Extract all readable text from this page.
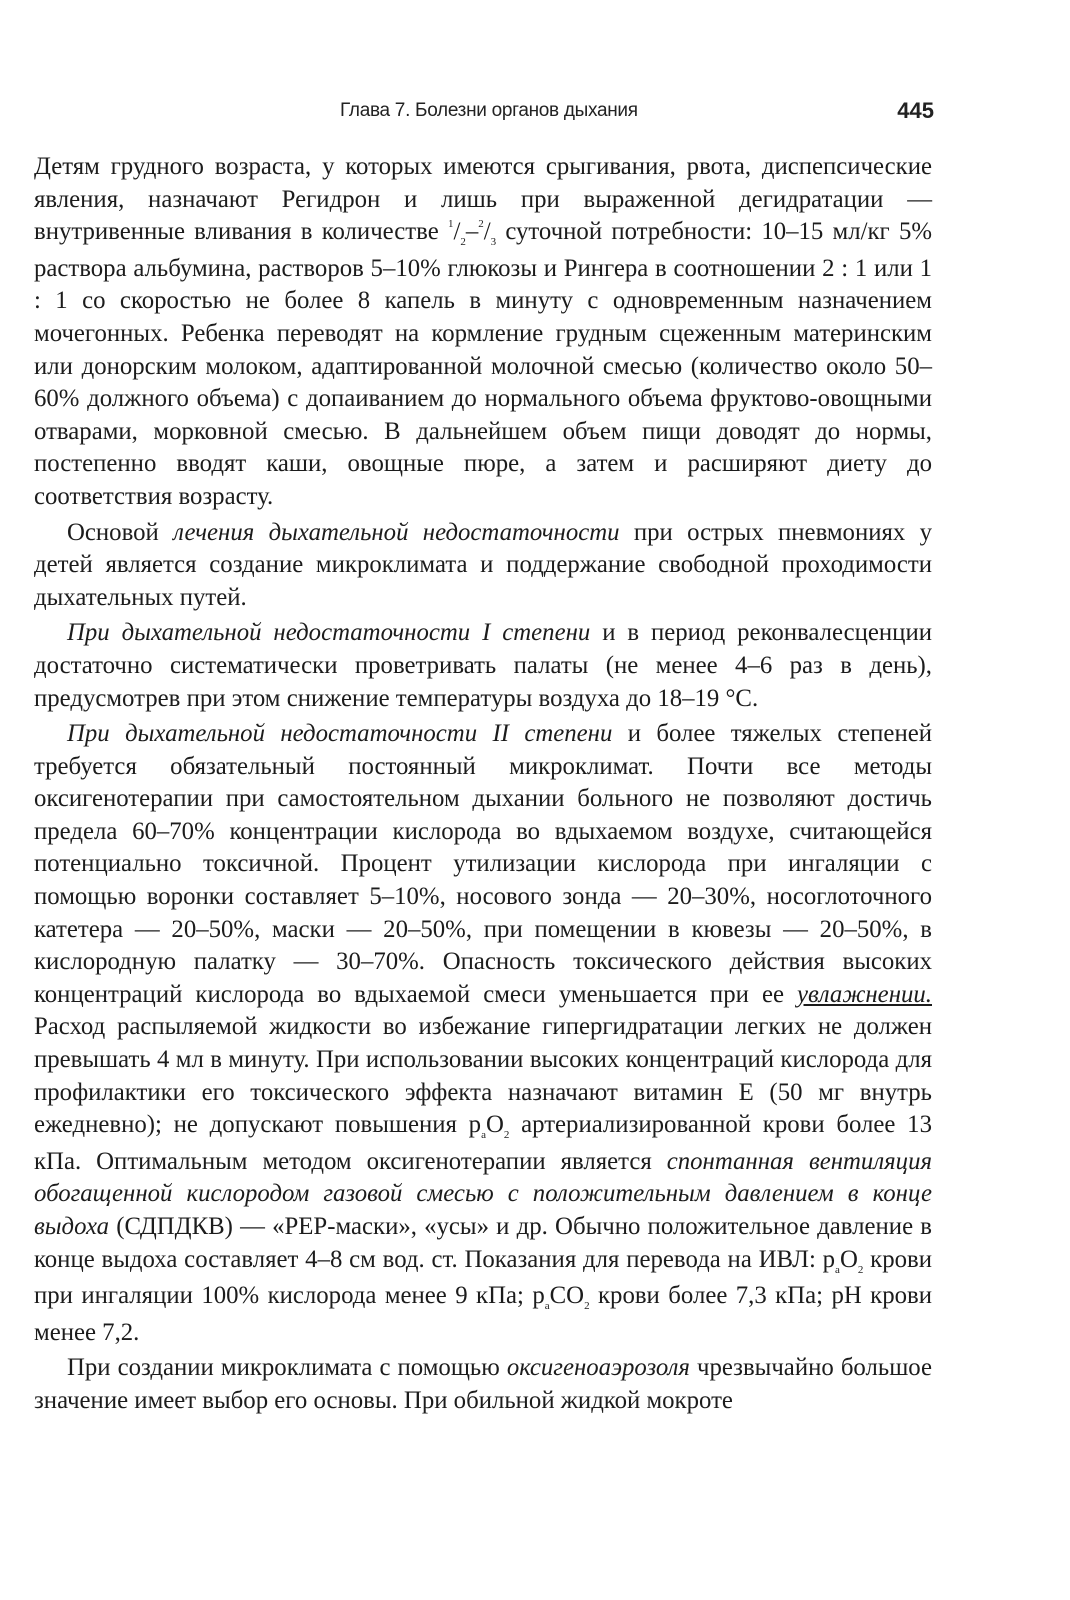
Глава 7. Болезни органов дыхания	445

Детям грудного возраста, у которых имеются срыгивания, рвота, диспепсические явления, назначают Регидрон и лишь при выраженной дегидратации — внутривенные вливания в количестве $^1/_2-^2/_3$ суточной потребности: 10–15 мл/кг 5% раствора альбумина, растворов 5–10% глюкозы и Рингера в соотношении 2 : 1 или 1 : 1 со скоростью не более 8 капель в минуту с одновременным назначением мочегонных. Ребенка переводят на кормление грудным сцеженным материнским или донорским молоком, адаптированной молочной смесью (количество около 50–60% должного объема) с допаиванием до нормального объема фруктово-овощными отварами, морковной смесью. В дальнейшем объем пищи доводят до нормы, постепенно вводят каши, овощные пюре, а затем и расширяют диету до соответствия возрасту.

Основой лечения дыхательной недостаточности при острых пневмониях у детей является создание микроклимата и поддержание свободной проходимости дыхательных путей.

При дыхательной недостаточности I степени и в период реконвалесценции достаточно систематически проветривать палаты (не менее 4–6 раз в день), предусмотрев при этом снижение температуры воздуха до 18–19 °С.

При дыхательной недостаточности II степени и более тяжелых степеней требуется обязательный постоянный микроклимат. Почти все методы оксигенотерапии при самостоятельном дыхании больного не позволяют достичь предела 60–70% концентрации кислорода во вдыхаемом воздухе, считающейся потенциально токсичной. Процент утилизации кислорода при ингаляции с помощью воронки составляет 5–10%, носового зонда — 20–30%, носоглоточного катетера — 20–50%, маски — 20–50%, при помещении в кювезы — 20–50%, в кислородную палатку — 30–70%. Опасность токсического действия высоких концентраций кислорода во вдыхаемой смеси уменьшается при ее увлажнении. Расход распыляемой жидкости во избежание гипергидратации легких не должен превышать 4 мл в минуту. При использовании высоких концентраций кислорода для профилактики его токсического эффекта назначают витамин Е (50 мг внутрь ежедневно); не допускают повышения $p_aO_2$ артериализированной крови более 13 кПа. Оптимальным методом оксигенотерапии является спонтанная вентиляция обогащенной кислородом газовой смесью с положительным давлением в конце выдоха (СДПДКВ) — «PEP-маски», «усы» и др. Обычно положительное давление в конце выдоха составляет 4–8 см вод. ст. Показания для перевода на ИВЛ: $p_aO_2$ крови при ингаляции 100% кислорода менее 9 кПа; $p_aCO_2$ крови более 7,3 кПа; pH крови менее 7,2.

При создании микроклимата с помощью оксигеноаэрозоля чрезвычайно большое значение имеет выбор его основы. При обильной жидкой мокроте
